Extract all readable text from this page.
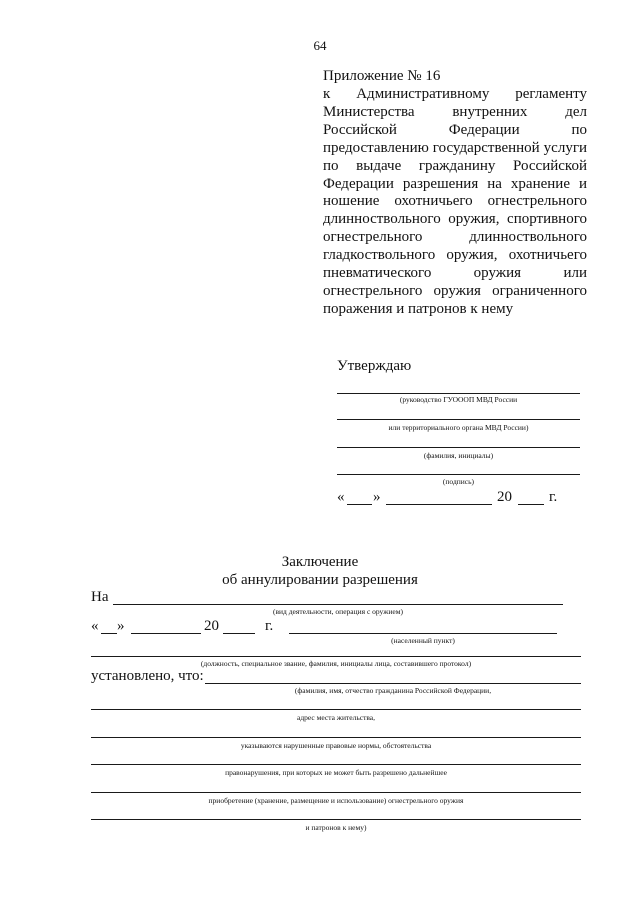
64
Приложение № 16
к Административному регламенту Министерства внутренних дел Российской Федерации по предоставлению государственной услуги по выдаче гражданину Российской Федерации разрешения на хранение и ношение охотничьего огнестрельного длинноствольного оружия, спортивного огнестрельного длинноствольного гладкоствольного оружия, охотничьего пневматического оружия или огнестрельного оружия ограниченного поражения и патронов к нему
Утверждаю
(руководство ГУОООП МВД России
или территориального органа МВД России)
(фамилия, инициалы)
(подпись)
« »	20 г.
Заключение
об аннулировании разрешения
На
(вид деятельности, операция с оружием)
« »	20	г.
(населенный пункт)
(должность, специальное звание, фамилия, инициалы лица, составившего протокол)
установлено, что:
(фамилия, имя, отчество гражданина Российской Федерации,
адрес места жительства,
указываются нарушенные правовые нормы, обстоятельства
правонарушения, при которых не может быть разрешено дальнейшее
приобретение (хранение, размещение и использование) огнестрельного оружия
и патронов к нему)
